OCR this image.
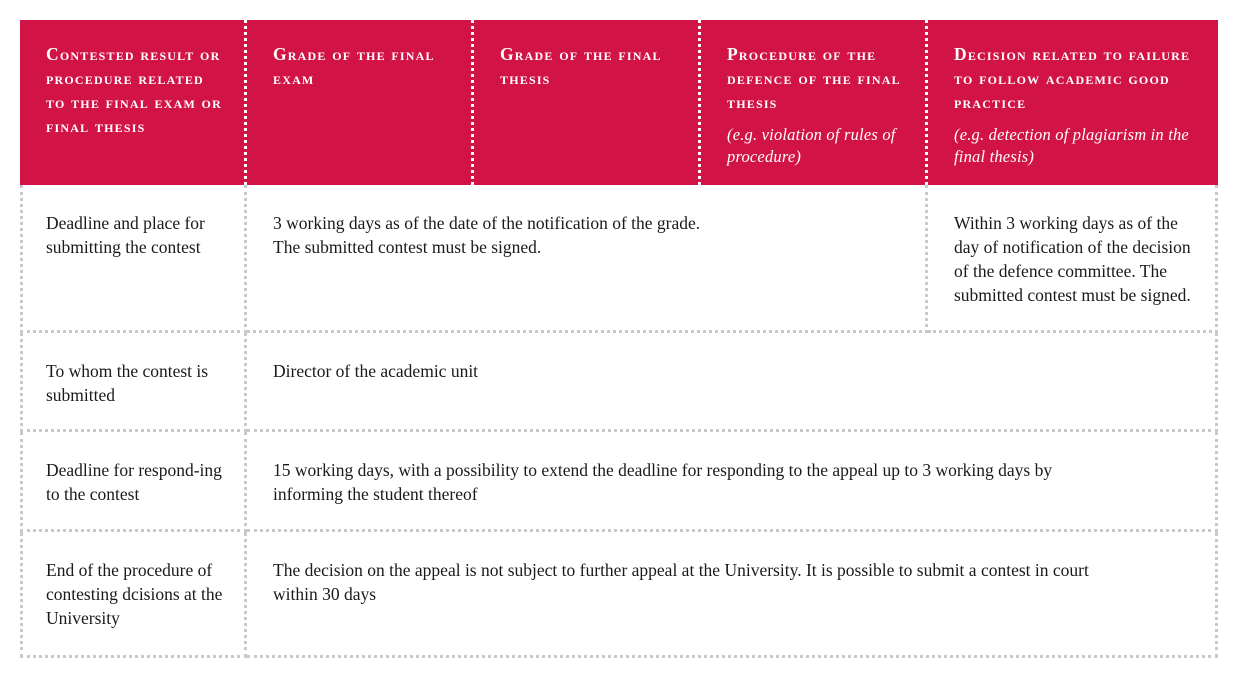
Contested result or procedure related to the final exam or final thesis
Grade of the final exam
Grade of the final thesis
Procedure of the defence of the final thesis
(e.g. violation of rules of procedure)
Decision related to failure to follow academic good practice
(e.g. detection of plagiarism in the final thesis)
Deadline and place for submitting the contest
3 working days as of the date of the notification of the grade.
The submitted contest must be signed.
Within 3 working days as of the day of notification of the decision of the defence committee. The submitted contest must be signed.
To whom the contest is submitted
Director of the academic unit
Deadline for respond-ing to the contest
15 working days, with a possibility to extend the deadline for responding to the appeal up to 3 working days by informing the student thereof
End of the procedure of contesting dcisions at the University
The decision on the appeal is not subject to further appeal at the University. It is possible to submit a contest in court within 30 days
